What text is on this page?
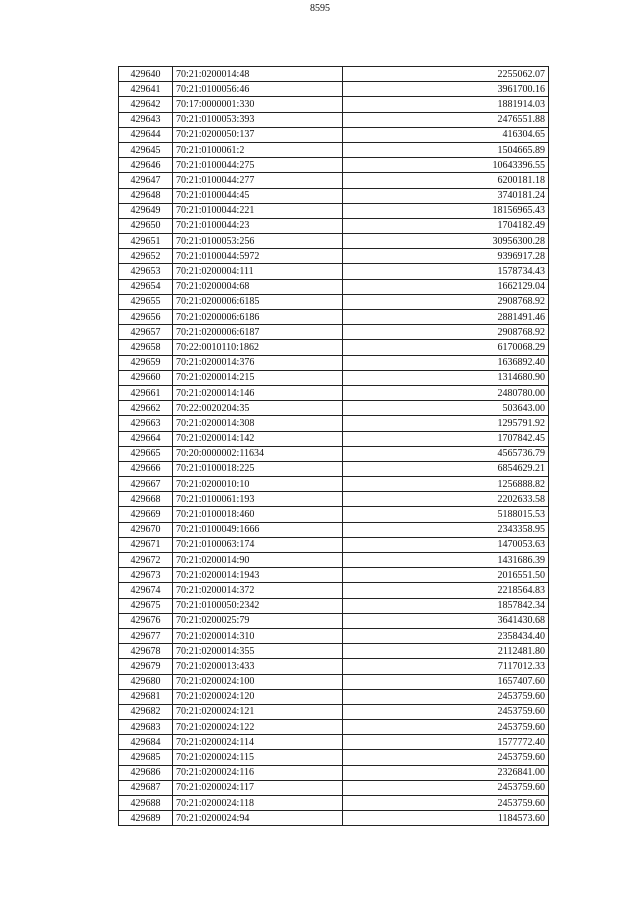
8595
429640	70:21:0200014:48	2255062.07
429641	70:21:0100056:46	3961700.16
429642	70:17:0000001:330	1881914.03
429643	70:21:0100053:393	2476551.88
429644	70:21:0200050:137	416304.65
429645	70:21:0100061:2	1504665.89
429646	70:21:0100044:275	10643396.55
429647	70:21:0100044:277	6200181.18
429648	70:21:0100044:45	3740181.24
429649	70:21:0100044:221	18156965.43
429650	70:21:0100044:23	1704182.49
429651	70:21:0100053:256	30956300.28
429652	70:21:0100044:5972	9396917.28
429653	70:21:0200004:111	1578734.43
429654	70:21:0200004:68	1662129.04
429655	70:21:0200006:6185	2908768.92
429656	70:21:0200006:6186	2881491.46
429657	70:21:0200006:6187	2908768.92
429658	70:22:0010110:1862	6170068.29
429659	70:21:0200014:376	1636892.40
429660	70:21:0200014:215	1314680.90
429661	70:21:0200014:146	2480780.00
429662	70:22:0020204:35	503643.00
429663	70:21:0200014:308	1295791.92
429664	70:21:0200014:142	1707842.45
429665	70:20:0000002:11634	4565736.79
429666	70:21:0100018:225	6854629.21
429667	70:21:0200010:10	1256888.82
429668	70:21:0100061:193	2202633.58
429669	70:21:0100018:460	5188015.53
429670	70:21:0100049:1666	2343358.95
429671	70:21:0100063:174	1470053.63
429672	70:21:0200014:90	1431686.39
429673	70:21:0200014:1943	2016551.50
429674	70:21:0200014:372	2218564.83
429675	70:21:0100050:2342	1857842.34
429676	70:21:0200025:79	3641430.68
429677	70:21:0200014:310	2358434.40
429678	70:21:0200014:355	2112481.80
429679	70:21:0200013:433	7117012.33
429680	70:21:0200024:100	1657407.60
429681	70:21:0200024:120	2453759.60
429682	70:21:0200024:121	2453759.60
429683	70:21:0200024:122	2453759.60
429684	70:21:0200024:114	1577772.40
429685	70:21:0200024:115	2453759.60
429686	70:21:0200024:116	2326841.00
429687	70:21:0200024:117	2453759.60
429688	70:21:0200024:118	2453759.60
429689	70:21:0200024:94	1184573.60
